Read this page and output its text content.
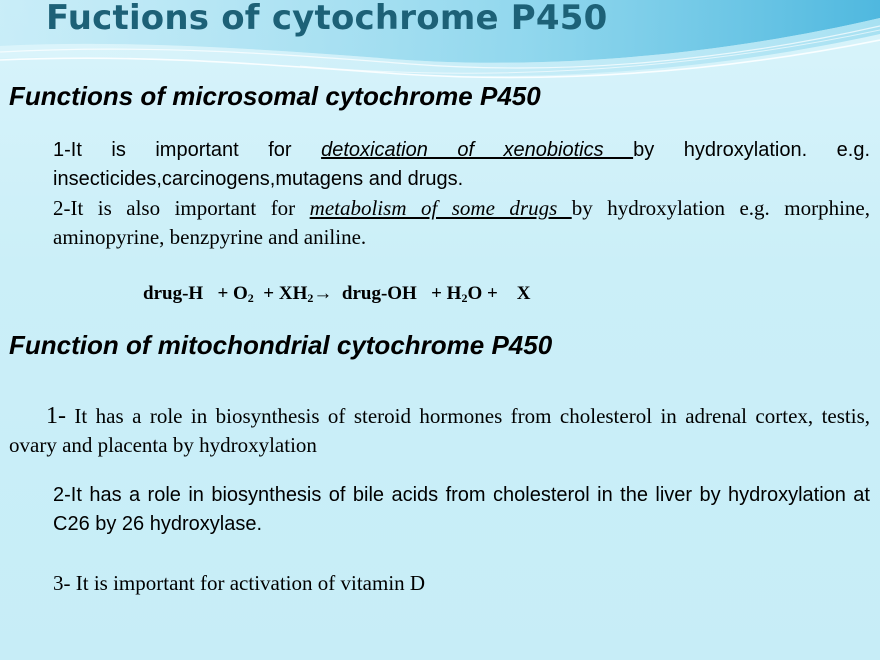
Fuctions of cytochrome P450
Functions of microsomal cytochrome P450

1-It is important for detoxication of xenobiotics by hydroxylation. e.g. insecticides,carcinogens,mutagens and drugs.

2-It is also important for metabolism of some drugs by hydroxylation e.g. morphine, aminopyrine, benzpyrine and aniline.

drug-H + $O_2 + XH_2\to$ drug-OH + $H_2O + X$

Function of mitochondrial cytochrome P450

1- It has a role in biosynthesis of steroid hormones from cholesterol in adrenal cortex, testis, ovary and placenta by hydroxylation

2-It has a role in biosynthesis of bile acids from cholesterol in the liver by hydroxylation at C26 by 26 hydroxylase.

3- It is important for activation of vitamin D
